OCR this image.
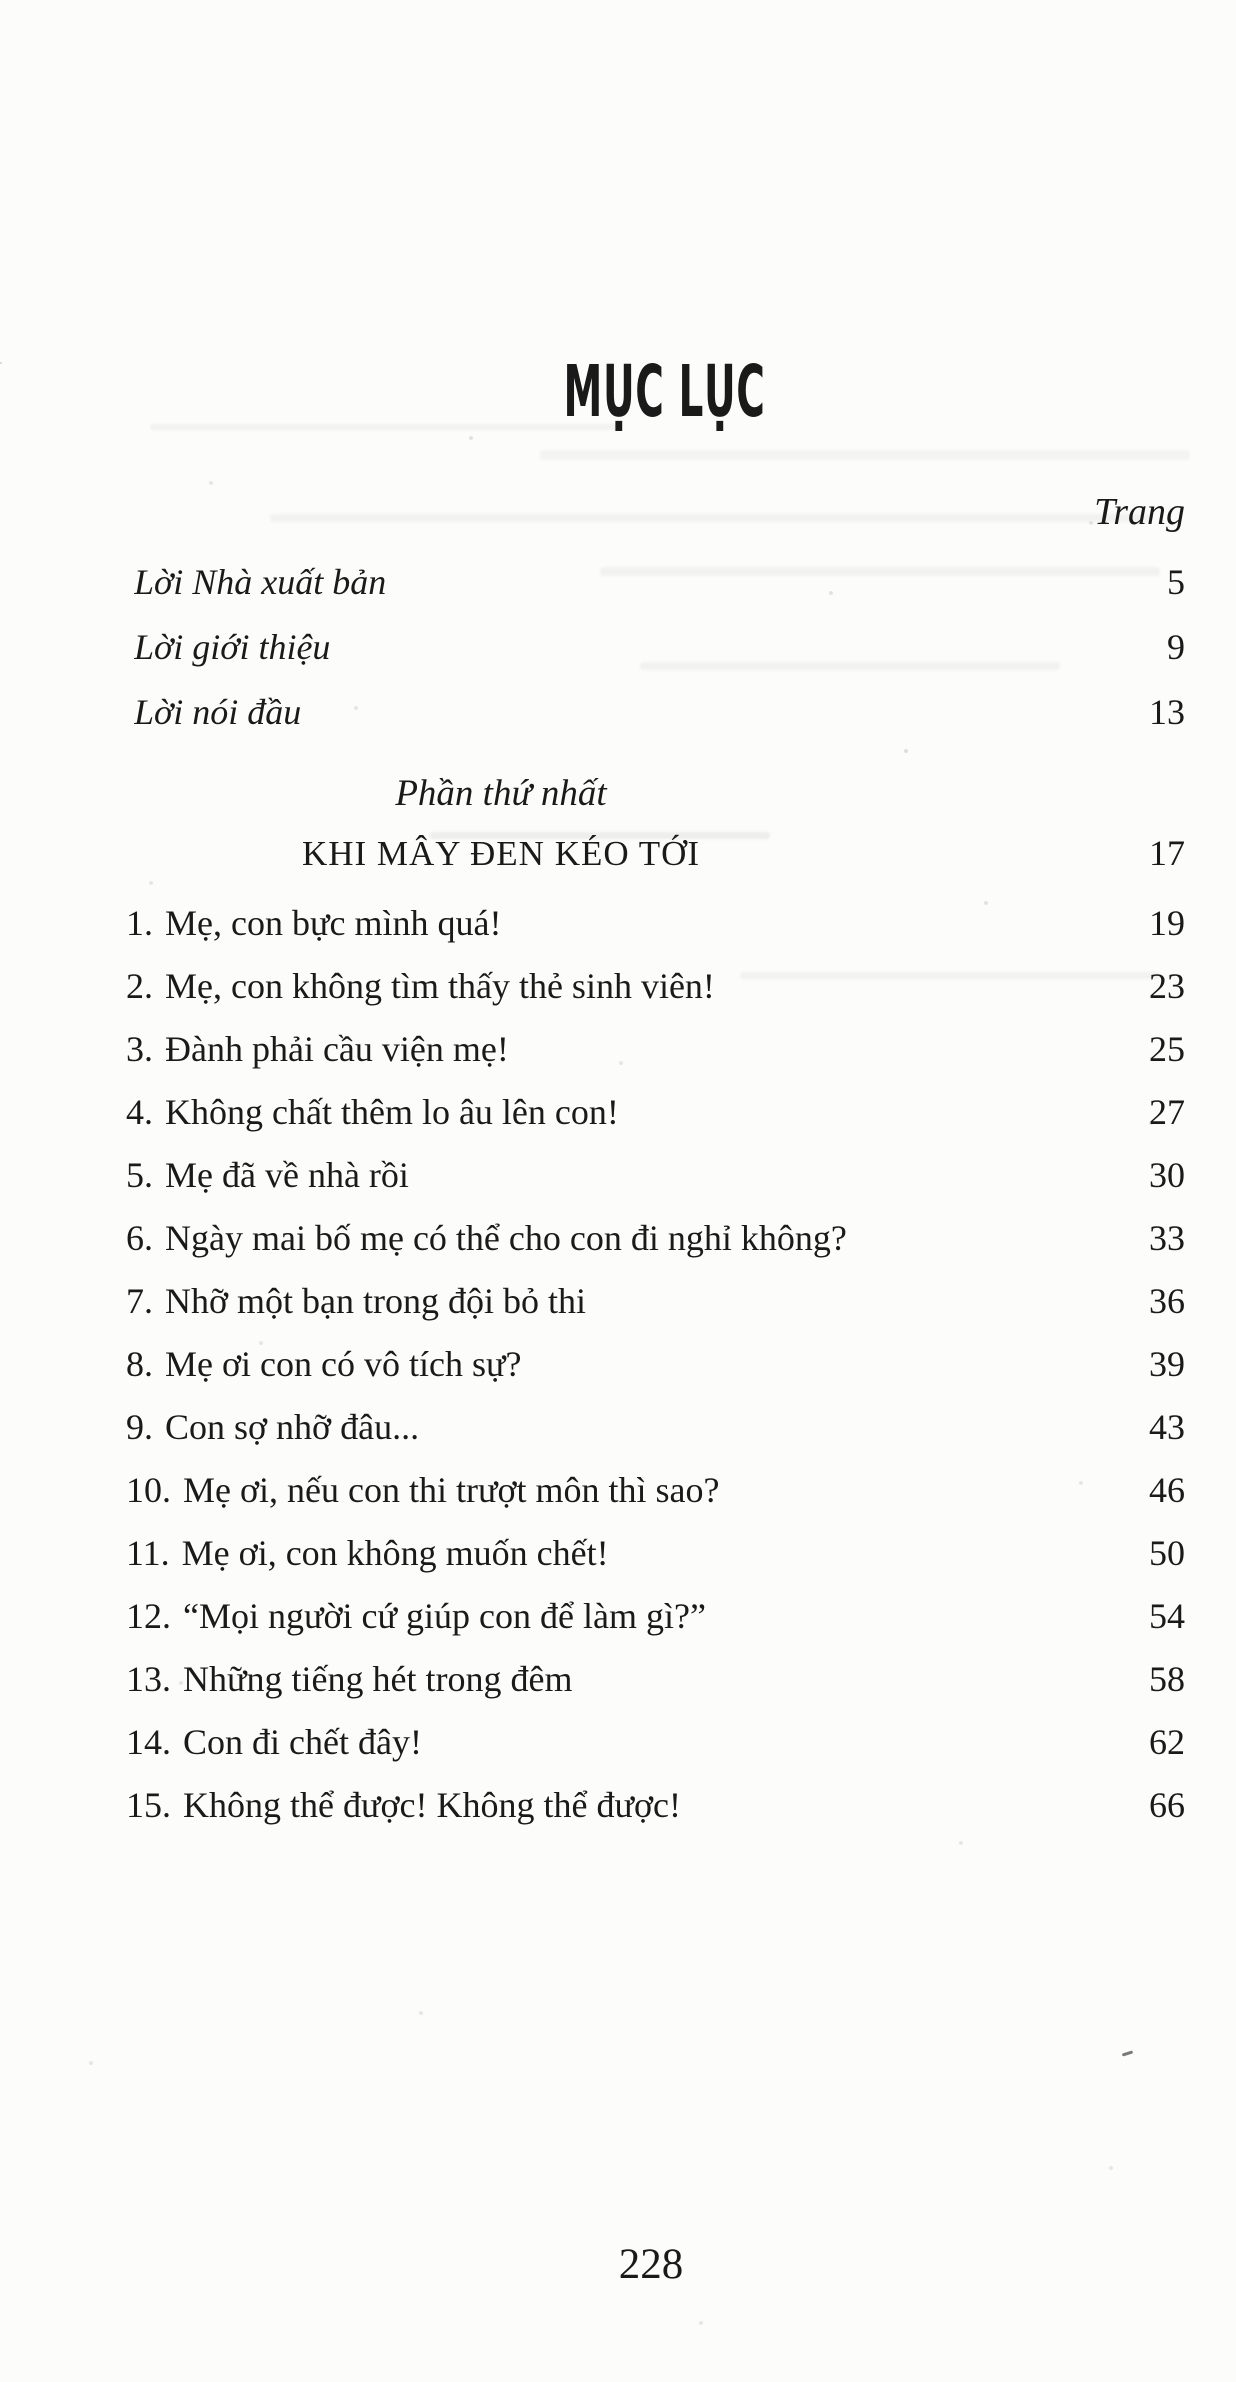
MỤC LỤC
Trang
Lời Nhà xuất bản	5
Lời giới thiệu	9
Lời nói đầu	13
Phần thứ nhất
KHI MÂY ĐEN KÉO TỚI	17
1. Mẹ, con bực mình quá!	19
2. Mẹ, con không tìm thấy thẻ sinh viên!	23
3. Đành phải cầu viện mẹ!	25
4. Không chất thêm lo âu lên con!	27
5. Mẹ đã về nhà rồi	30
6. Ngày mai bố mẹ có thể cho con đi nghỉ không?	33
7. Nhỡ một bạn trong đội bỏ thi	36
8. Mẹ ơi con có vô tích sự?	39
9. Con sợ nhỡ đâu...	43
10. Mẹ ơi, nếu con thi trượt môn thì sao?	46
11. Mẹ ơi, con không muốn chết!	50
12. “Mọi người cứ giúp con để làm gì?”	54
13. Những tiếng hét trong đêm	58
14. Con đi chết đây!	62
15. Không thể được! Không thể được!	66
228
